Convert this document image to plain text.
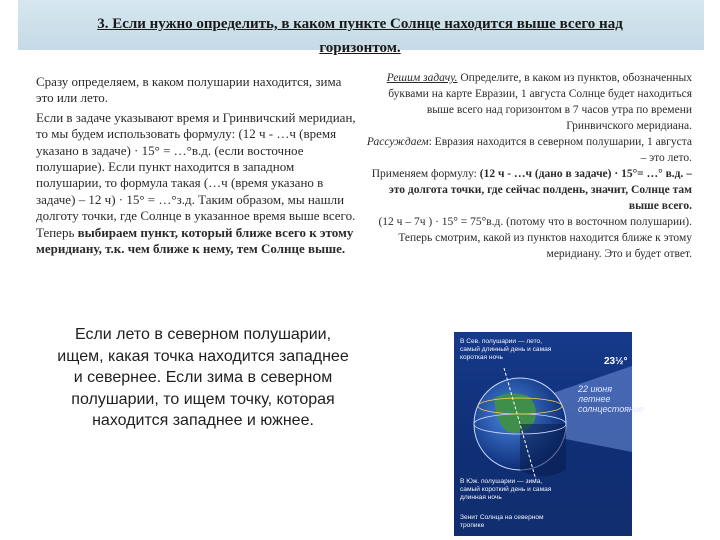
3. Если нужно определить, в каком пункте Солнце находится выше всего над
горизонтом.

Сразу определяем, в каком полушарии находится, зима это или лето.

Если в задаче указывают время и Гринвичский меридиан, то мы будем использовать формулу: (12 ч - …ч (время указано в задаче) · 15° = …°в.д. (если восточное полушарие). Если пункт находится в западном полушарии, то формула такая (…ч (время указано в задаче) – 12 ч) · 15° = …°з.д. Таким образом, мы нашли долготу точки, где Солнце в указанное время выше всего. Теперь выбираем пункт, который ближе всего к этому меридиану, т.к. чем ближе к нему, тем Солнце выше.

Если лето в северном полушарии, ищем, какая точка находится западнее и севернее. Если зима в северном полушарии, то ищем точку, которая находится западнее и южнее.

Решим задачу. Определите, в каком из пунктов, обозначенных буквами на карте Евразии, 1 августа Солнце будет находиться выше всего над горизонтом в 7 часов утра по времени Гринвичского меридиана.

Рассуждаем: Евразия находится в северном полушарии, 1 августа – это лето.

Применяем формулу: (12 ч - …ч (дано в задаче) · 15°= …° в.д. – это долгота точки, где сейчас полдень, значит, Солнце там выше всего.

(12 ч – 7ч ) · 15° = 75°в.д. (потому что в восточном полушарии). Теперь смотрим, какой из пунктов находится ближе к этому меридиану. Это и будет ответ.

В Сев. полушарии — лето, самый длинный день и самая короткая ночь	23½°
22 июня летнее солнцестояние
В Юж. полушарии — зима, самый короткий день и самая длинная ночь
Зенит Солнца на северном тропике
